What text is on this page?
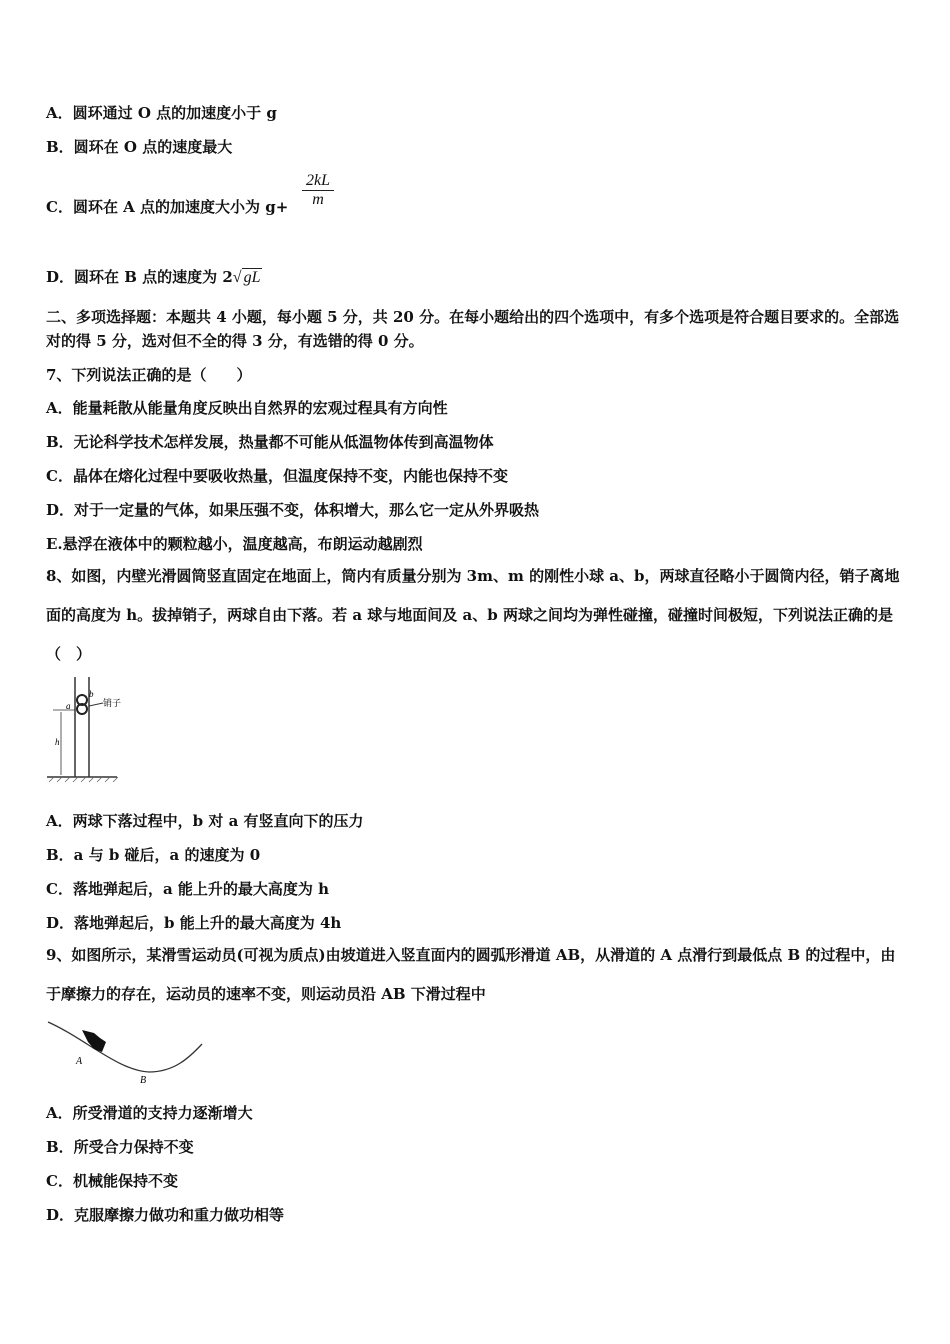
A．圆环通过 O 点的加速度小于 g
B．圆环在 O 点的速度最大
C．圆环在 A 点的加速度大小为 $g+ \frac{2kL}{m}$
D．圆环在 B 点的速度为 2√ gL
二、多项选择题：本题共 4 小题，每小题 5 分，共 20 分。在每小题给出的四个选项中，有多个选项是符合题目要求的。全部选对的得 5 分，选对但不全的得 3 分，有选错的得 0 分。
7、下列说法正确的是（　　）
A．能量耗散从能量角度反映出自然界的宏观过程具有方向性
B．无论科学技术怎样发展，热量都不可能从低温物体传到高温物体
C．晶体在熔化过程中要吸收热量，但温度保持不变，内能也保持不变
D．对于一定量的气体，如果压强不变，体积增大，那么它一定从外界吸热
E.悬浮在液体中的颗粒越小，温度越高，布朗运动越剧烈
8、如图，内壁光滑圆筒竖直固定在地面上，筒内有质量分别为 3m、m 的刚性小球 a、b，两球直径略小于圆筒内径，销子离地面的高度为 h。拔掉销子，两球自由下落。若 a 球与地面间及 a、b 两球之间均为弹性碰撞，碰撞时间极短，下列说法正确的是（　）
a
b
h
销子
A．两球下落过程中，b 对 a 有竖直向下的压力
B．a 与 b 碰后，a 的速度为 0
C．落地弹起后，a 能上升的最大高度为 h
D．落地弹起后，b 能上升的最大高度为 4h
9、如图所示，某滑雪运动员(可视为质点)由坡道进入竖直面内的圆弧形滑道 AB，从滑道的 A 点滑行到最低点 B 的过程中，由于摩擦力的存在，运动员的速率不变，则运动员沿 AB 下滑过程中
A
B
A．所受滑道的支持力逐渐增大
B．所受合力保持不变
C．机械能保持不变
D．克服摩擦力做功和重力做功相等
